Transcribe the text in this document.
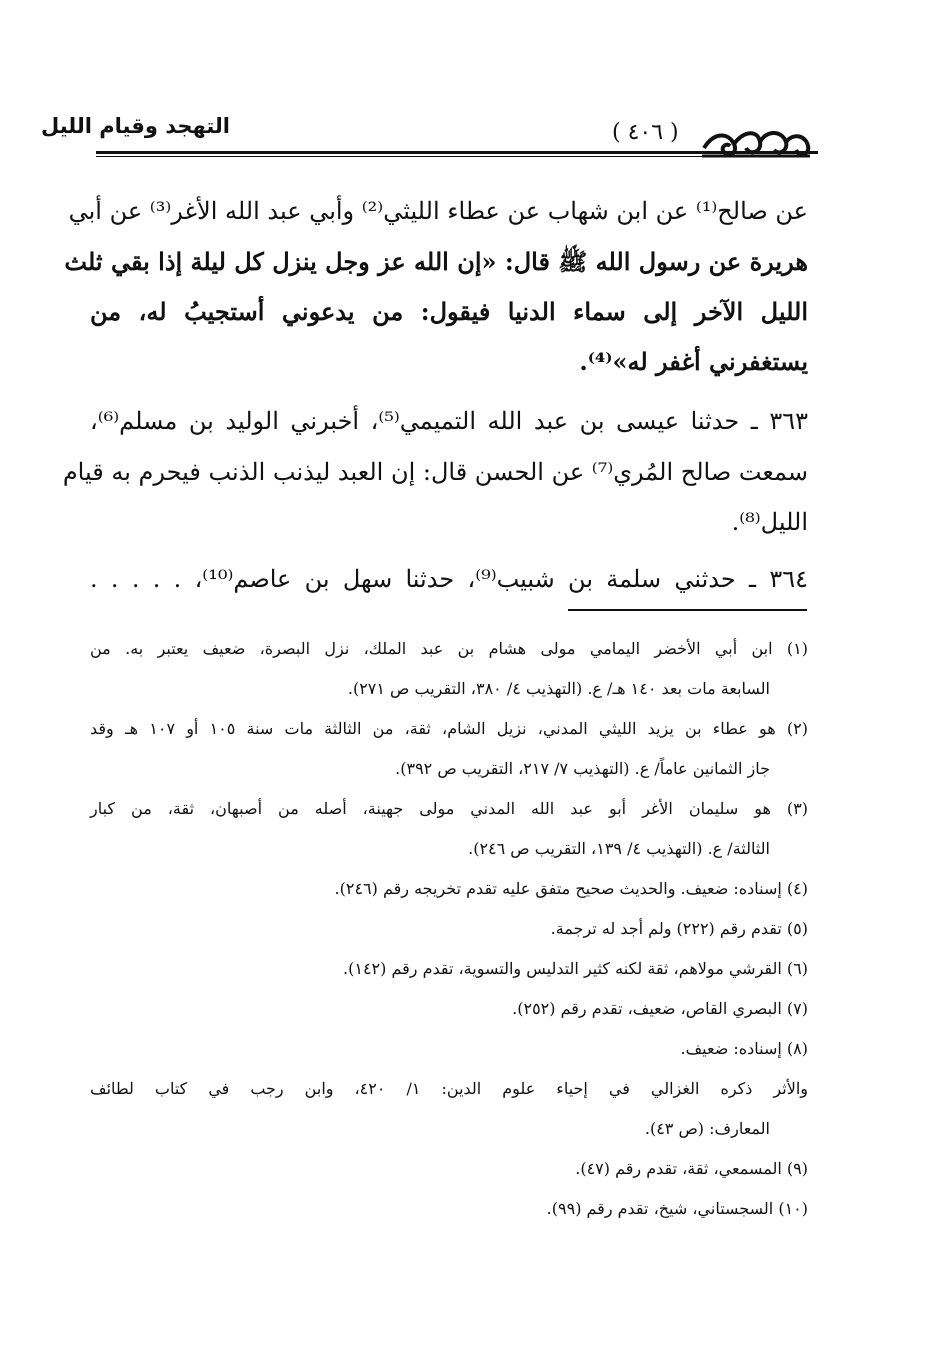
التهجد وقيام الليل	( ٤٠٦ )
عن صالح⁽¹⁾ عن ابن شهاب عن عطاء الليثي⁽²⁾ وأبي عبد الله الأغر⁽³⁾ عن أبي
هريرة عن رسول الله ﷺ قال: «إن الله عز وجل ينزل كل ليلة إذا بقي ثلث
الليل الآخر إلى سماء الدنيا فيقول: من يدعوني أستجيبُ له، من
يستغفرني أغفر له»⁽⁴⁾.
٣٦٣ ـ حدثنا عيسى بن عبد الله التميمي⁽⁵⁾، أخبرني الوليد بن مسلم⁽⁶⁾،
سمعت صالح المُري⁽⁷⁾ عن الحسن قال: إن العبد ليذنب الذنب فيحرم به قيام
الليل⁽⁸⁾.
٣٦٤ ـ حدثني سلمة بن شبيب⁽⁹⁾، حدثنا سهل بن عاصم⁽¹⁰⁾، . . . . .
(١) ابن أبي الأخضر اليمامي مولى هشام بن عبد الملك، نزل البصرة، ضعيف يعتبر به. من
السابعة مات بعد ١٤٠ هـ/ ع. (التهذيب ٤/ ٣٨٠، التقريب ص ٢٧١).
(٢) هو عطاء بن يزيد الليثي المدني، نزيل الشام، ثقة، من الثالثة مات سنة ١٠٥ أو ١٠٧ هـ وقد
جاز الثمانين عاماً/ ع. (التهذيب ٧/ ٢١٧، التقريب ص ٣٩٢).
(٣) هو سليمان الأغر أبو عبد الله المدني مولى جهينة، أصله من أصبهان، ثقة، من كبار
الثالثة/ ع. (التهذيب ٤/ ١٣٩، التقريب ص ٢٤٦).
(٤) إسناده: ضعيف. والحديث صحيح متفق عليه تقدم تخريجه رقم (٢٤٦).
(٥) تقدم رقم (٢٢٢) ولم أجد له ترجمة.
(٦) القرشي مولاهم، ثقة لكنه كثير التدليس والتسوية، تقدم رقم (١٤٢).
(٧) البصري القاص، ضعيف، تقدم رقم (٢٥٢).
(٨) إسناده: ضعيف.
والأثر ذكره الغزالي في إحياء علوم الدين: ١/ ٤٢٠، وابن رجب في كتاب لطائف
المعارف: (ص ٤٣).
(٩) المسمعي، ثقة، تقدم رقم (٤٧).
(١٠) السجستاني، شيخ، تقدم رقم (٩٩).
